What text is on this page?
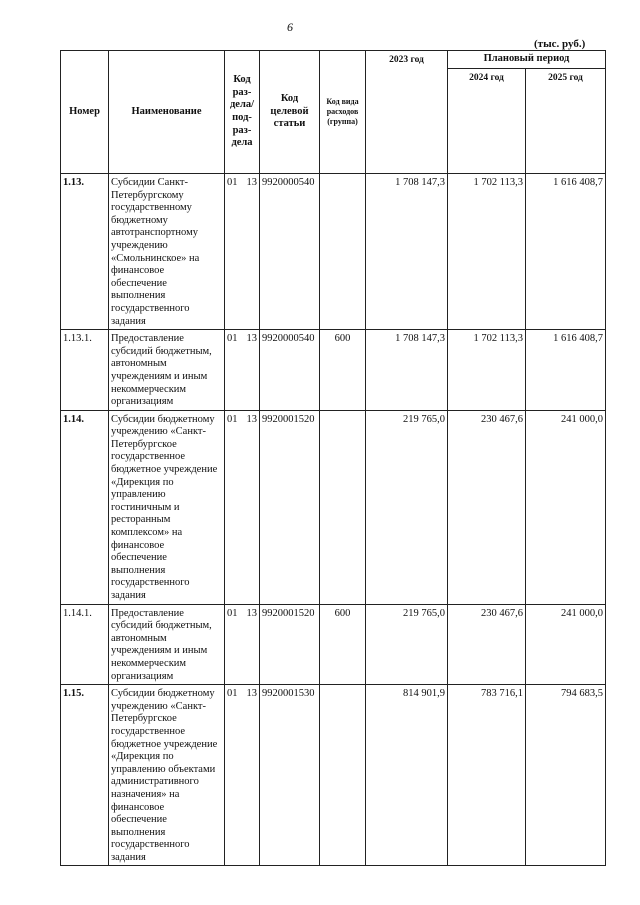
6
(тыс. руб.)
Номер	Наименование	Код раз-дела/ под-раз-дела	Код целевой статьи	Код вида расходов (группа)	2023 год	Плановый период	
						2024 год	2025 год
1.13.	Субсидии Санкт-Петербургскому государственному бюджетному автотранспортному учреждению «Смольнинское» на финансовое обеспечение выполнения государственного задания	01 13	9920000540		1 708 147,3	1 702 113,3	1 616 408,7
1.13.1.	Предоставление субсидий бюджетным, автономным учреждениям и иным некоммерческим организациям	01 13	9920000540	600	1 708 147,3	1 702 113,3	1 616 408,7
1.14.	Субсидии бюджетному учреждению «Санкт-Петербургское государственное бюджетное учреждение «Дирекция по управлению гостиничным и ресторанным комплексом» на финансовое обеспечение выполнения государственного задания	01 13	9920001520		219 765,0	230 467,6	241 000,0
1.14.1.	Предоставление субсидий бюджетным, автономным учреждениям и иным некоммерческим организациям	01 13	9920001520	600	219 765,0	230 467,6	241 000,0
1.15.	Субсидии бюджетному учреждению «Санкт-Петербургское государственное бюджетное учреждение «Дирекция по управлению объектами административного назначения» на финансовое обеспечение выполнения государственного задания	01 13	9920001530		814 901,9	783 716,1	794 683,5
